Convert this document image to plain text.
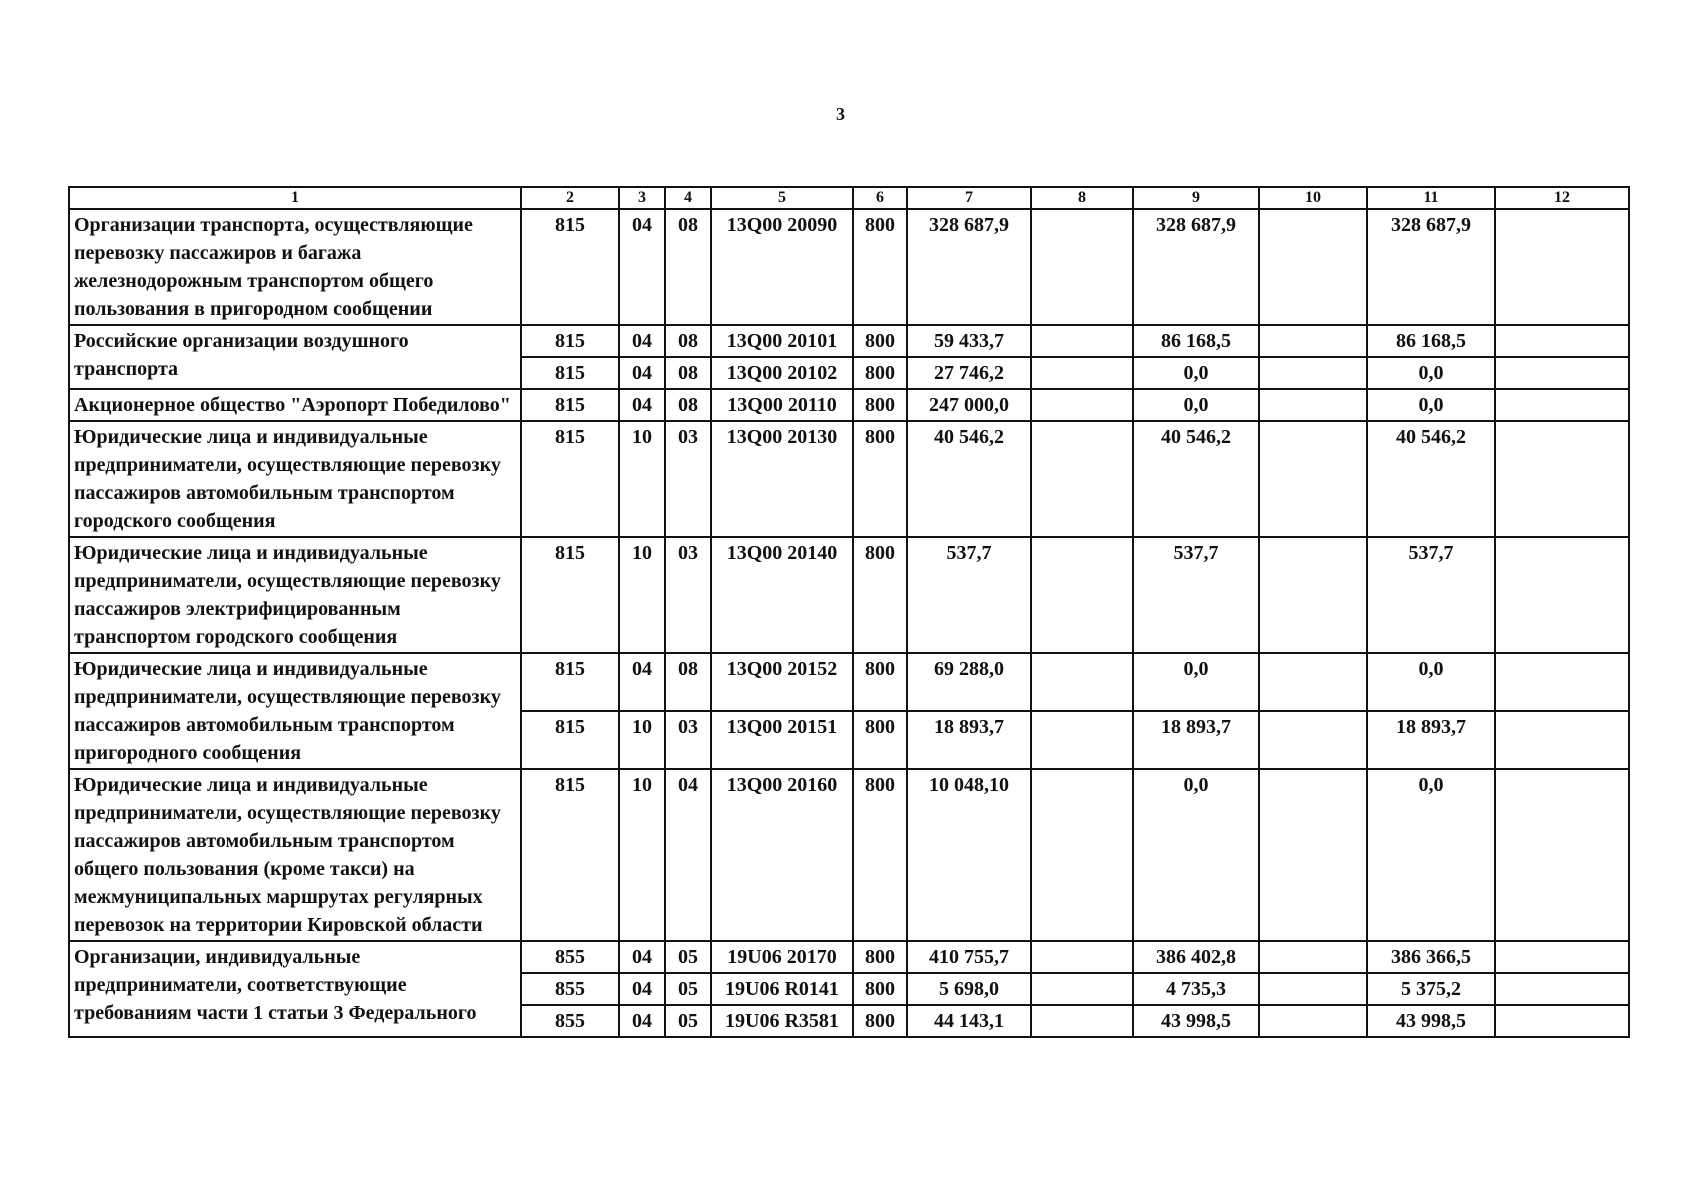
3
1	2	3	4	5	6	7	8	9	10	11	12
Организации транспорта, осуществляющие перевозку пассажиров и багажа железнодорожным транспортом общего пользования в пригородном сообщении	815	04	08	13Q00 20090	800	328 687,9		328 687,9		328 687,9	
Российские организации воздушного транспорта	815	04	08	13Q00 20101	800	59 433,7		86 168,5		86 168,5	
	815	04	08	13Q00 20102	800	27 746,2		0,0		0,0	
Акционерное общество "Аэропорт Победилово"	815	04	08	13Q00 20110	800	247 000,0		0,0		0,0	
Юридические лица и индивидуальные предприниматели, осуществляющие перевозку пассажиров автомобильным транспортом городского сообщения	815	10	03	13Q00 20130	800	40 546,2		40 546,2		40 546,2	
Юридические лица и индивидуальные предприниматели, осуществляющие перевозку пассажиров электрифицированным транспортом городского сообщения	815	10	03	13Q00 20140	800	537,7		537,7		537,7	
Юридические лица и индивидуальные предприниматели, осуществляющие перевозку пассажиров автомобильным транспортом пригородного сообщения	815	04	08	13Q00 20152	800	69 288,0		0,0		0,0	
	815	10	03	13Q00 20151	800	18 893,7		18 893,7		18 893,7	
Юридические лица и индивидуальные предприниматели, осуществляющие перевозку пассажиров автомобильным транспортом общего пользования (кроме такси) на межмуниципальных маршрутах регулярных перевозок на территории Кировской области	815	10	04	13Q00 20160	800	10 048,10		0,0		0,0	
Организации, индивидуальные предприниматели, соответствующие требованиям части 1 статьи 3 Федерального	855	04	05	19U06 20170	800	410 755,7		386 402,8		386 366,5	
	855	04	05	19U06 R0141	800	5 698,0		4 735,3		5 375,2	
	855	04	05	19U06 R3581	800	44 143,1		43 998,5		43 998,5	
